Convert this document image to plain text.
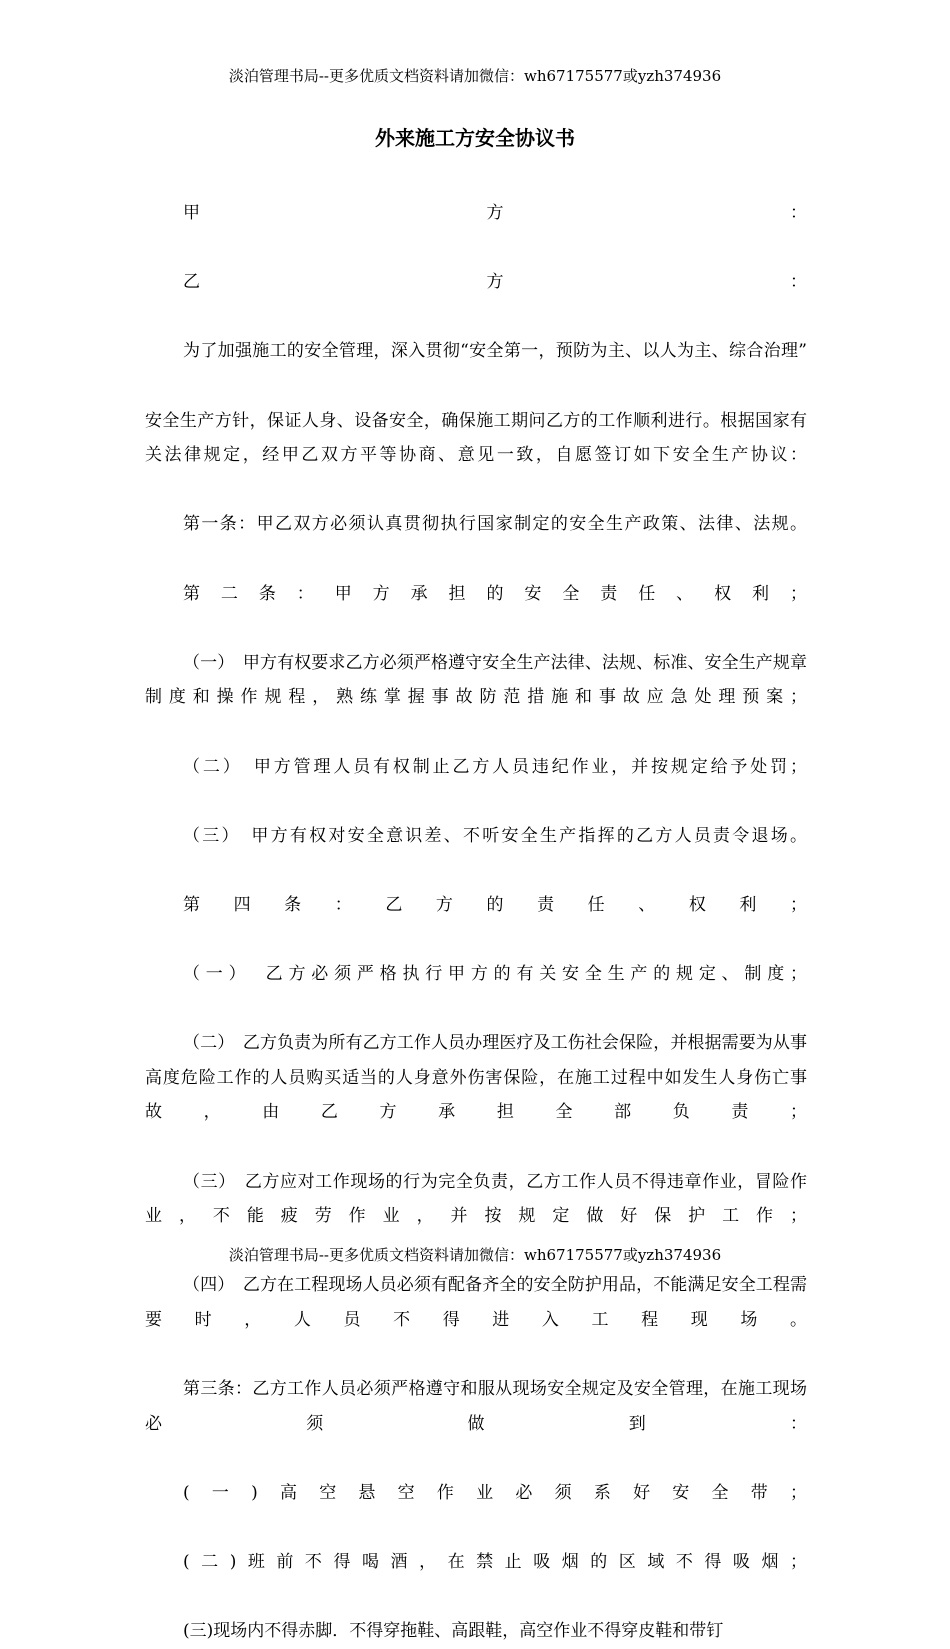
淡泊管理书局--更多优质文档资料请加微信：wh67175577或yzh374936
外来施工方安全协议书

甲方：

乙方：

为了加强施工的安全管理，深入贯彻“安全第一，预防为主、以人为主、综合治理”

安全生产方针，保证人身、设备安全，确保施工期问乙方的工作顺利进行。根据国家有关法律规定，经甲乙双方平等协商、意见一致，自愿签订如下安全生产协议：

第一条：甲乙双方必须认真贯彻执行国家制定的安全生产政策、法律、法规。

第二条：甲方承担的安全责任、权利；

（一）　甲方有权要求乙方必须严格遵守安全生产法律、法规、标准、安全生产规章制度和操作规程，熟练掌握事故防范措施和事故应急处理预案；

（二）　甲方管理人员有权制止乙方人员违纪作业，并按规定给予处罚；

（三）　甲方有权对安全意识差、不听安全生产指挥的乙方人员责令退场。

第四条：乙方的责任、权利；

（一）　乙方必须严格执行甲方的有关安全生产的规定、制度；

（二）　乙方负责为所有乙方工作人员办理医疗及工伤社会保险，并根据需要为从事高度危险工作的人员购买适当的人身意外伤害保险，在施工过程中如发生人身伤亡事故，由乙方承担全部负责；

（三）　乙方应对工作现场的行为完全负责，乙方工作人员不得违章作业，冒险作业，不能疲劳作业，并按规定做好保护工作；

（四）　乙方在工程现场人员必须有配备齐全的安全防护用品，不能满足安全工程需要时，人员不得进入工程现场。

第三条：乙方工作人员必须严格遵守和服从现场安全规定及安全管理，在施工现场必须做到：

(一)高空悬空作业必须系好安全带；

(二)班前不得喝酒，在禁止吸烟的区域不得吸烟；

(三)现场内不得赤脚．不得穿拖鞋、高跟鞋，高空作业不得穿皮鞋和带钉

淡泊管理书局--更多优质文档资料请加微信：wh67175577或yzh374936
